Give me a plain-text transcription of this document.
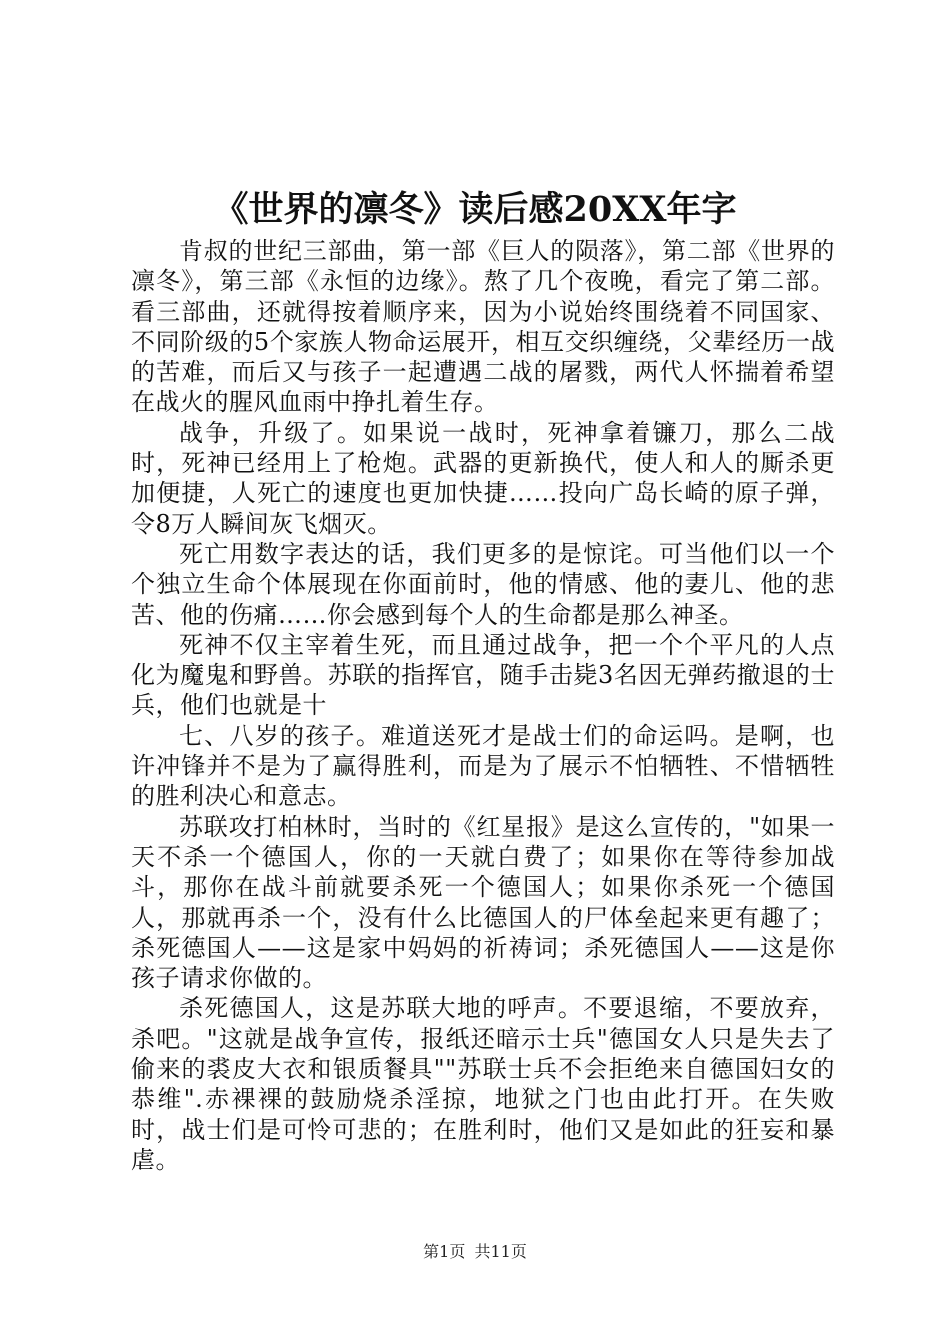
《世界的凛冬》读后感20XX年字

肯叔的世纪三部曲，第一部《巨人的陨落》，第二部《世界的凛冬》，第三部《永恒的边缘》。熬了几个夜晚，看完了第二部。看三部曲，还就得按着顺序来，因为小说始终围绕着不同国家、不同阶级的5个家族人物命运展开，相互交织缠绕，父辈经历一战的苦难，而后又与孩子一起遭遇二战的屠戮，两代人怀揣着希望在战火的腥风血雨中挣扎着生存。

战争，升级了。如果说一战时，死神拿着镰刀，那么二战时，死神已经用上了枪炮。武器的更新换代，使人和人的厮杀更加便捷，人死亡的速度也更加快捷……投向广岛长崎的原子弹，令8万人瞬间灰飞烟灭。

死亡用数字表达的话，我们更多的是惊诧。可当他们以一个个独立生命个体展现在你面前时，他的情感、他的妻儿、他的悲苦、他的伤痛……你会感到每个人的生命都是那么神圣。

死神不仅主宰着生死，而且通过战争，把一个个平凡的人点化为魔鬼和野兽。苏联的指挥官，随手击毙3名因无弹药撤退的士兵，他们也就是十

七、八岁的孩子。难道送死才是战士们的命运吗。是啊，也许冲锋并不是为了赢得胜利，而是为了展示不怕牺牲、不惜牺牲的胜利决心和意志。

苏联攻打柏林时，当时的《红星报》是这么宣传的，"如果一天不杀一个德国人，你的一天就白费了；如果你在等待参加战斗，那你在战斗前就要杀死一个德国人；如果你杀死一个德国人，那就再杀一个，没有什么比德国人的尸体垒起来更有趣了；杀死德国人——这是家中妈妈的祈祷词；杀死德国人——这是你孩子请求你做的。

杀死德国人，这是苏联大地的呼声。不要退缩，不要放弃，杀吧。"这就是战争宣传，报纸还暗示士兵"德国女人只是失去了偷来的裘皮大衣和银质餐具""苏联士兵不会拒绝来自德国妇女的恭维".赤裸裸的鼓励烧杀淫掠，地狱之门也由此打开。在失败时，战士们是可怜可悲的；在胜利时，他们又是如此的狂妄和暴虐。

第1页 共11页
